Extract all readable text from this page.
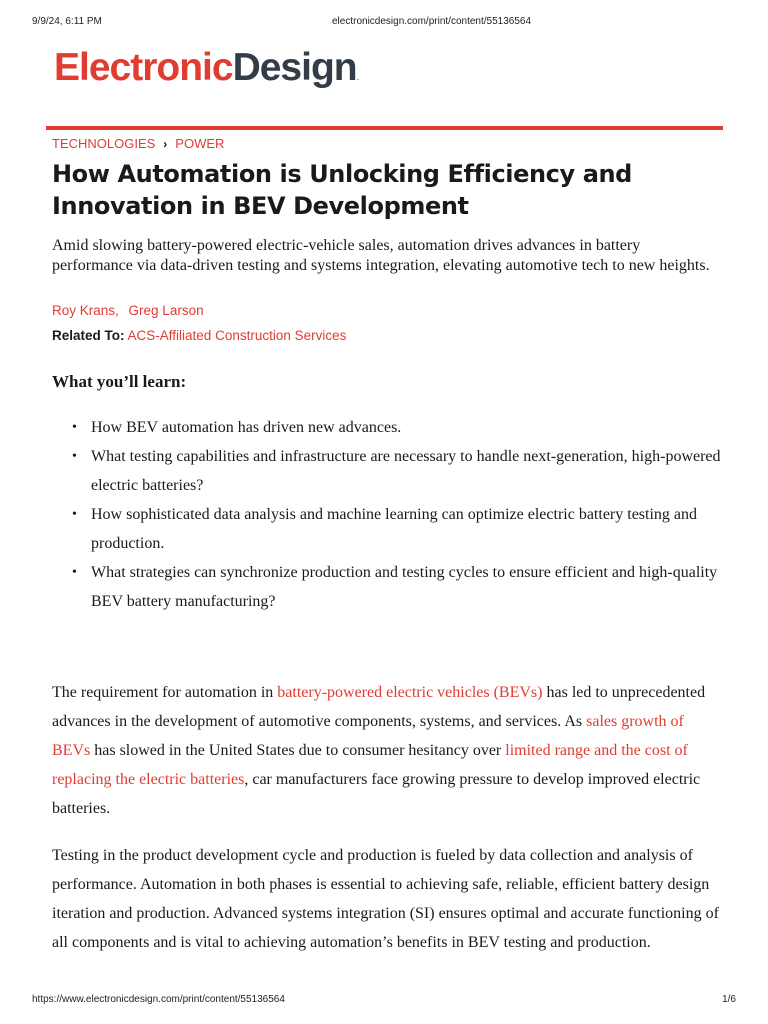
9/9/24, 6:11 PM	electronicdesign.com/print/content/55136564
ElectronicDesign.
TECHNOLOGIES › POWER
How Automation is Unlocking Efficiency and Innovation in BEV Development

Amid slowing battery-powered electric-vehicle sales, automation drives advances in battery performance via data-driven testing and systems integration, elevating automotive tech to new heights.

Roy Krans, Greg Larson
Related To: ACS-Affiliated Construction Services
What you’ll learn:
• How BEV automation has driven new advances.
• What testing capabilities and infrastructure are necessary to handle next-generation, high-powered electric batteries?
• How sophisticated data analysis and machine learning can optimize electric battery testing and production.
• What strategies can synchronize production and testing cycles to ensure efficient and high-quality BEV battery manufacturing?

The requirement for automation in battery-powered electric vehicles (BEVs) has led to unprecedented advances in the development of automotive components, systems, and services. As sales growth of BEVs has slowed in the United States due to consumer hesitancy over limited range and the cost of replacing the electric batteries, car manufacturers face growing pressure to develop improved electric batteries.

Testing in the product development cycle and production is fueled by data collection and analysis of performance. Automation in both phases is essential to achieving safe, reliable, efficient battery design iteration and production. Advanced systems integration (SI) ensures optimal and accurate functioning of all components and is vital to achieving automation’s benefits in BEV testing and production.

https://www.electronicdesign.com/print/content/55136564	1/6
